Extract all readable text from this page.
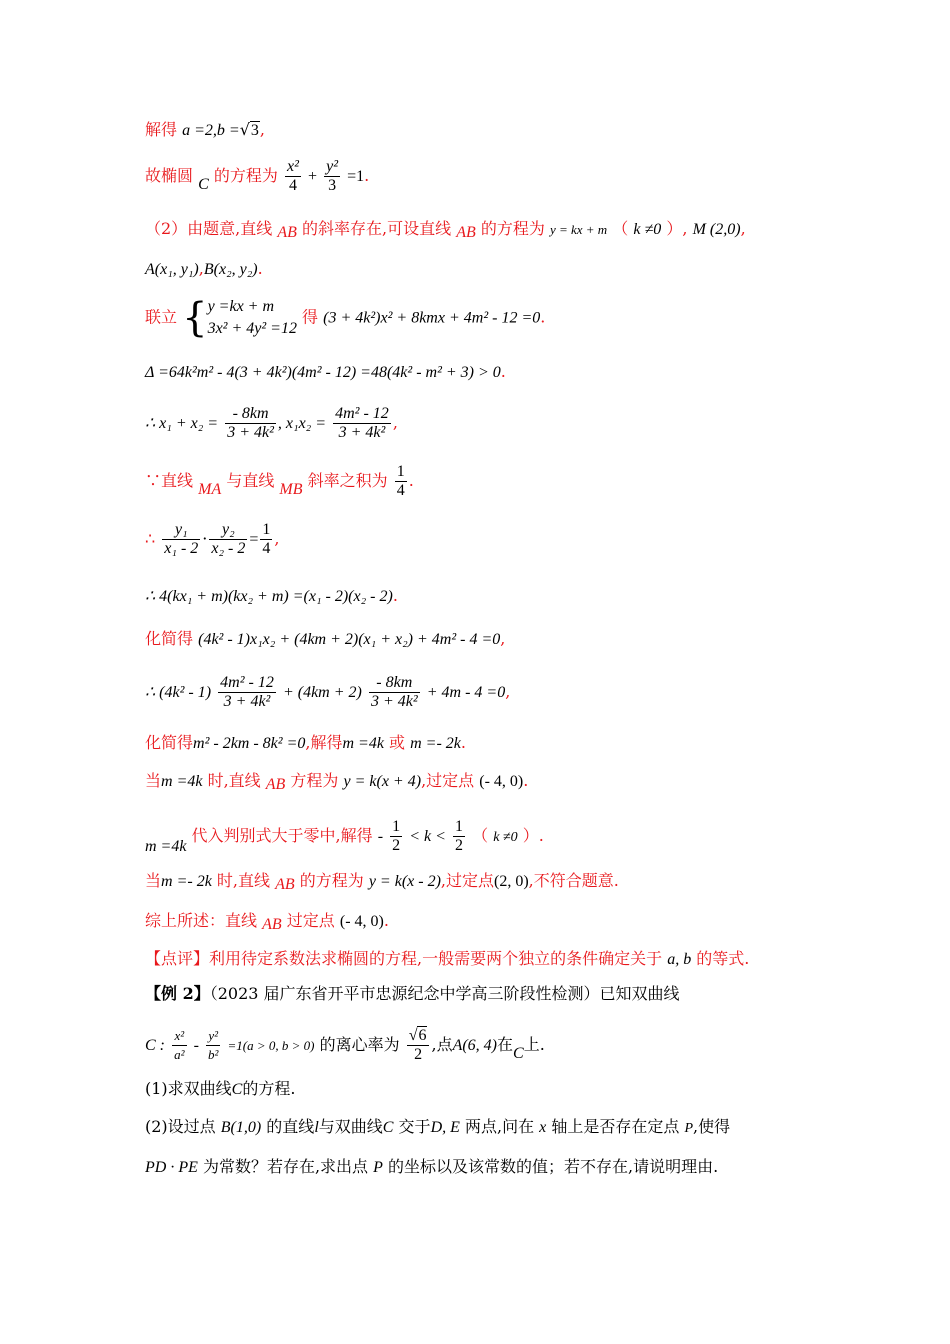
解得 a =2,b =√3,
故椭圆 C 的方程为 $\frac{\text{x²}}{4} + \frac{\text{y²}}{3} =1$.
（2）由题意,直线 AB 的斜率存在,可设直线 AB 的方程为 y = kx + m （ k ≠0 ）, M (2,0),
A(x₁, y₁),B(x₂, y₂).
联立 { y =kx + m
3x² + 4y² =12
得 (3 + 4k²)x² + 8kmx + 4m² - 12 =0.
Δ =64k²m² - 4(3 + 4k²)(4m² - 12) =48(4k² - m² + 3) > 0.
∴ $x_1 + x_2 = \frac{- 8km}{\text{3 + 4k²}}$ , $x_1x_2 = \frac{\text{4m² - 12}}{\text{3 + 4k²}}$ ,
∵直线 MA 与直线 MB 斜率之积为 $\frac{1}{4}$ .
∴ $\frac{\text{y₁}}{\text{x₁ - 2}} \cdot \frac{\text{y₂}}{\text{x₂ - 2}} = \frac{1}{4}$ ,
∴ 4(kx₁ + m)(kx₂ + m) =(x₁ - 2)(x₂ - 2).
化简得 (4k² - 1)x₁x₂ + (4km + 2)(x₁ + x₂) + 4m² - 4 =0,
∴ $(4k^2 - 1) \frac{\text{4m² - 12}}{\text{3 + 4k²}} + (4km + 2) \frac{- 8km}{\text{3 + 4k²}} + 4m - 4 =0$,
化简得m² - 2km - 8k² =0,解得m =4k 或 m =- 2k.
当m =4k 时,直线 AB 方程为 y = k(x + 4),过定点 (- 4, 0).
m =4k 代入判别式大于零中,解得 - $\frac{1}{2} < k < \frac{1}{2}$ （ k ≠0 ）.
当m =- 2k 时,直线 AB 的方程为 y = k(x - 2),过定点(2, 0),不符合题意.
综上所述：直线 AB 过定点 (- 4, 0).
【点评】利用待定系数法求椭圆的方程,一般需要两个独立的条件确定关于 a, b 的等式.
【例 2】（2023 届广东省开平市忠源纪念中学高三阶段性检测）已知双曲线
C : $\frac{\text{x²}}{\text{a²}} - \frac{\text{y²}}{\text{b²}} =1(a > 0$, b > 0) 的离心率为 $\frac{√6}{2}$ ,点A(6, 4)在C上.
(1)求双曲线C的方程.
(2)设过点 B(1,0) 的直线l与双曲线C 交于D, E 两点,问在 x 轴上是否存在定点 P,使得
PD · PE 为常数？若存在,求出点 P 的坐标以及该常数的值；若不存在,请说明理由.
